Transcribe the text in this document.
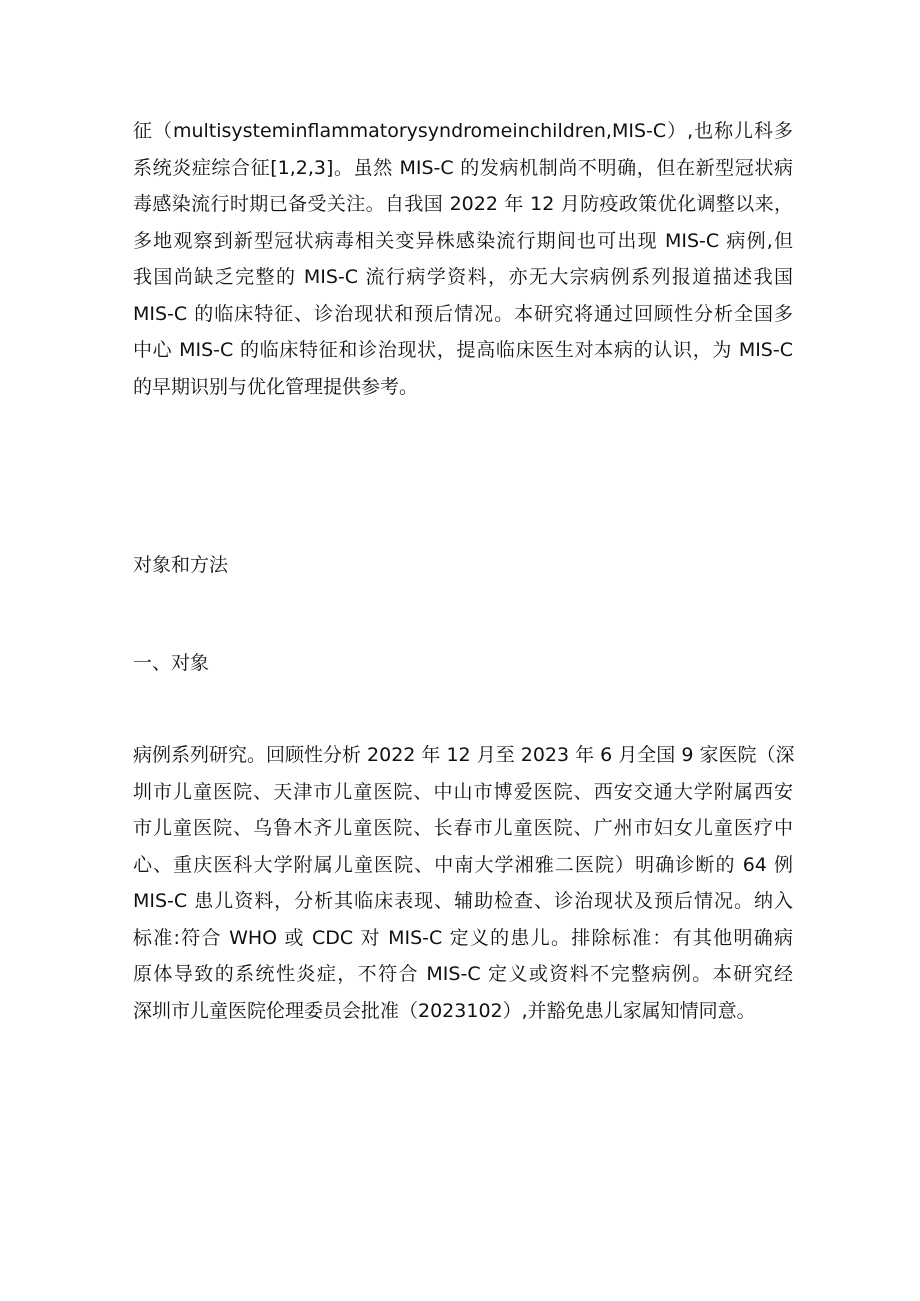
征（multisysteminflammatorysyndromeinchildren,MIS-C）,也称儿科多
系统炎症综合征[1,2,3]。虽然 MIS-C 的发病机制尚不明确，但在新型冠状病
毒感染流行时期已备受关注。自我国 2022 年 12 月防疫政策优化调整以来，
多地观察到新型冠状病毒相关变异株感染流行期间也可出现 MIS-C 病例,但
我国尚缺乏完整的 MIS-C 流行病学资料，亦无大宗病例系列报道描述我国
MIS-C 的临床特征、诊治现状和预后情况。本研究将通过回顾性分析全国多
中心 MIS-C 的临床特征和诊治现状，提高临床医生对本病的认识，为 MIS-C
的早期识别与优化管理提供参考。
对象和方法
一、对象
病例系列研究。回顾性分析 2022 年 12 月至 2023 年 6 月全国 9 家医院（深
圳市儿童医院、天津市儿童医院、中山市博爱医院、西安交通大学附属西安
市儿童医院、乌鲁木齐儿童医院、长春市儿童医院、广州市妇女儿童医疗中
心、重庆医科大学附属儿童医院、中南大学湘雅二医院）明确诊断的 64 例
MIS-C 患儿资料，分析其临床表现、辅助检查、诊治现状及预后情况。纳入
标准:符合 WHO 或 CDC 对 MIS-C 定义的患儿。排除标准：有其他明确病
原体导致的系统性炎症，不符合 MIS-C 定义或资料不完整病例。本研究经
深圳市儿童医院伦理委员会批准（2023102）,并豁免患儿家属知情同意。
